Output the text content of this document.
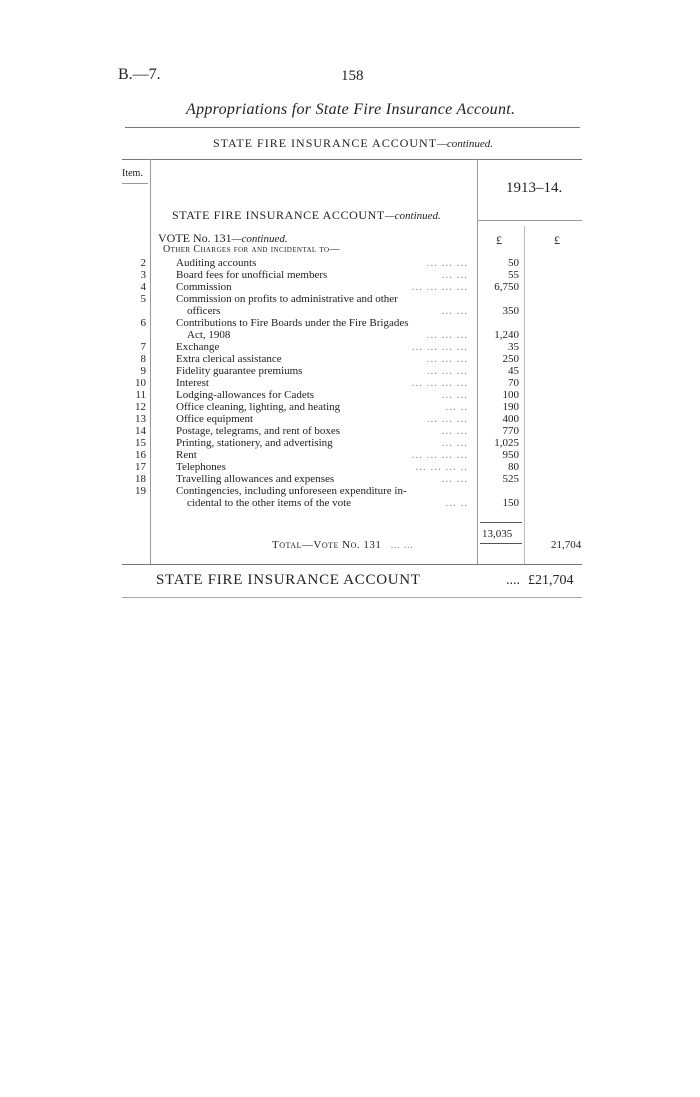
B.—7.	158
Appropriations for State Fire Insurance Account.
STATE FIRE INSURANCE ACCOUNT—continued.
Item.
1913–14.
STATE FIRE INSURANCE ACCOUNT—continued.
VOTE No. 131—continued.
Other Charges for and incidental to—
£	£
2	Auditing accounts	... ... ...	50
3	Board fees for unofficial members	... ...	55
4	Commission	... ... ... ... 6,750
5	Commission on profits to administrative and other
officers	... ...	350
6	Contributions to Fire Boards under the Fire Brigades
Act, 1908	... ... ... 1,240
7	Exchange	... ... ... ...	35
8	Extra clerical assistance	... ... ...	250
9	Fidelity guarantee premiums	... ... ...	45
10	Interest	... ... ... ...	70
11	Lodging-allowances for Cadets	... ...	100
12	Office cleaning, lighting, and heating	... ..	190
13	Office equipment	... ... ...	400
14	Postage, telegrams, and rent of boxes	... ...	770
15	Printing, stationery, and advertising	... ... 1,025
16	Rent	... ... ... ...	950
17	Telephones	... ... ... ..	80
18	Travelling allowances and expenses	... ...	525
19	Contingencies, including unforeseen expenditure in-
cidental to the other items of the vote	... ..	150
13,035
Total—Vote No. 131 ... ...	21,704
STATE FIRE INSURANCE ACCOUNT	.... £21,704
